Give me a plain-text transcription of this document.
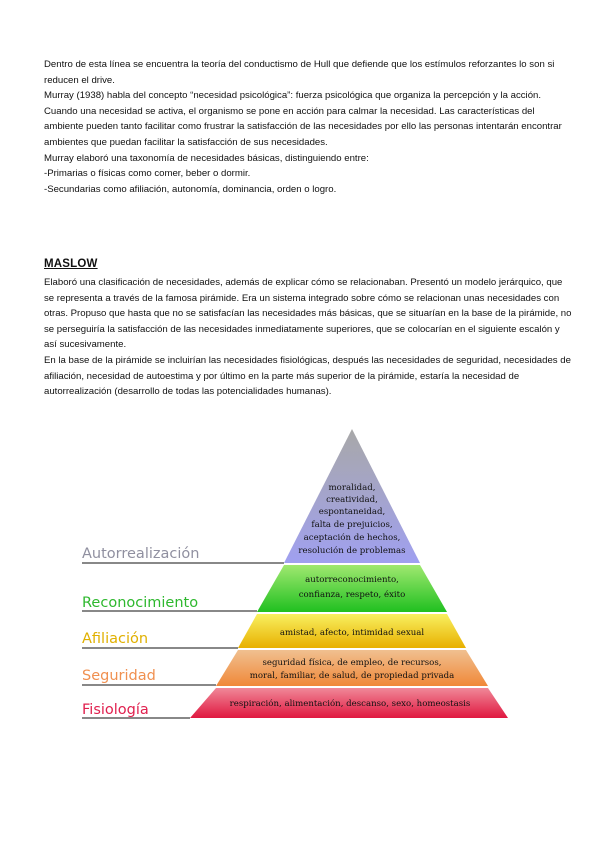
Dentro de esta línea se encuentra la teoría del conductismo de Hull que defiende que los estímulos reforzantes lo son si reducen el drive.

Murray (1938) habla del concepto “necesidad psicológica”: fuerza psicológica que organiza la percepción y la acción.

Cuando una necesidad se activa, el organismo se pone en acción para calmar la necesidad. Las características del ambiente pueden tanto facilitar como frustrar la satisfacción de las necesidades por ello las personas intentarán encontrar ambientes que puedan facilitar la satisfacción de sus necesidades.

Murray elaboró una taxonomía de necesidades básicas, distinguiendo entre:

-Primarias o físicas como comer, beber o dormir.

-Secundarias como afiliación, autonomía, dominancia, orden o logro.

MASLOW

Elaboró una clasificación de necesidades, además de explicar cómo se relacionaban. Presentó un modelo jerárquico, que se representa a través de la famosa pirámide. Era un sistema integrado sobre cómo se relacionan unas necesidades con otras. Propuso que hasta que no se satisfacían las necesidades más básicas, que se situarían en la base de la pirámide, no se perseguiría la satisfacción de las necesidades inmediatamente superiores, que se colocarían en el siguiente escalón y así sucesivamente.

En la base de la pirámide se incluirían las necesidades fisiológicas, después las necesidades de seguridad, necesidades de afiliación, necesidad de autoestima y por último en la parte más superior de la pirámide, estaría la necesidad de autorrealización (desarrollo de todas las potencialidades humanas).

Autorrealización
Reconocimiento
Afiliación
Seguridad
Fisiología
moralidad,
creatividad,
espontaneidad,
falta de prejuicios,
aceptación de hechos,
resolución de problemas
autorreconocimiento,
confianza, respeto, éxito
amistad, afecto, intimidad sexual
seguridad física, de empleo, de recursos,
moral, familiar, de salud, de propiedad privada
respiración, alimentación, descanso, sexo, homeostasis
